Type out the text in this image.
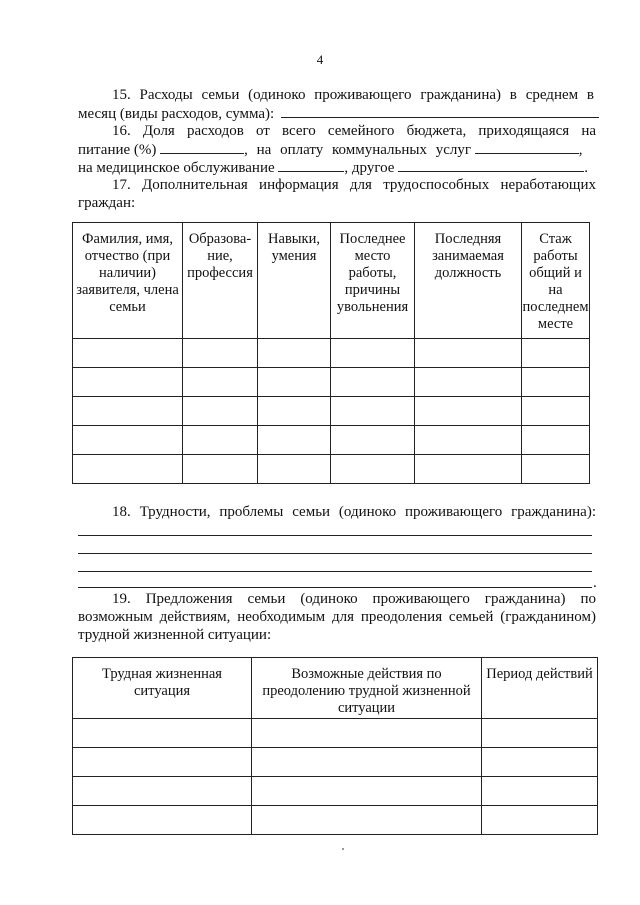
4
15. Расходы семьи (одиноко проживающего гражданина) в среднем в
месяц (виды расходов, сумма):
16. Доля расходов от всего семейного бюджета, приходящаяся на
питание (%)	, на оплату коммунальных услуг	,
на медицинское обслуживание	, другое	.
17. Дополнительная информация для трудоспособных неработающих
граждан:
Фамилия, имя, отчество (при наличии) заявителя, члена семьи	Образова-ние, профессия	Навыки, умения	Последнее место работы, причины увольнения	Последняя занимаемая должность	Стаж работы общий и на последнем месте

18. Трудности, проблемы семьи (одиноко проживающего гражданина):
.
19. Предложения семьи (одиноко проживающего гражданина) по
возможным действиям, необходимым для преодоления семьей (гражданином)
трудной жизненной ситуации:
Трудная жизненная ситуация	Возможные действия по преодолению трудной жизненной ситуации	Период действий
